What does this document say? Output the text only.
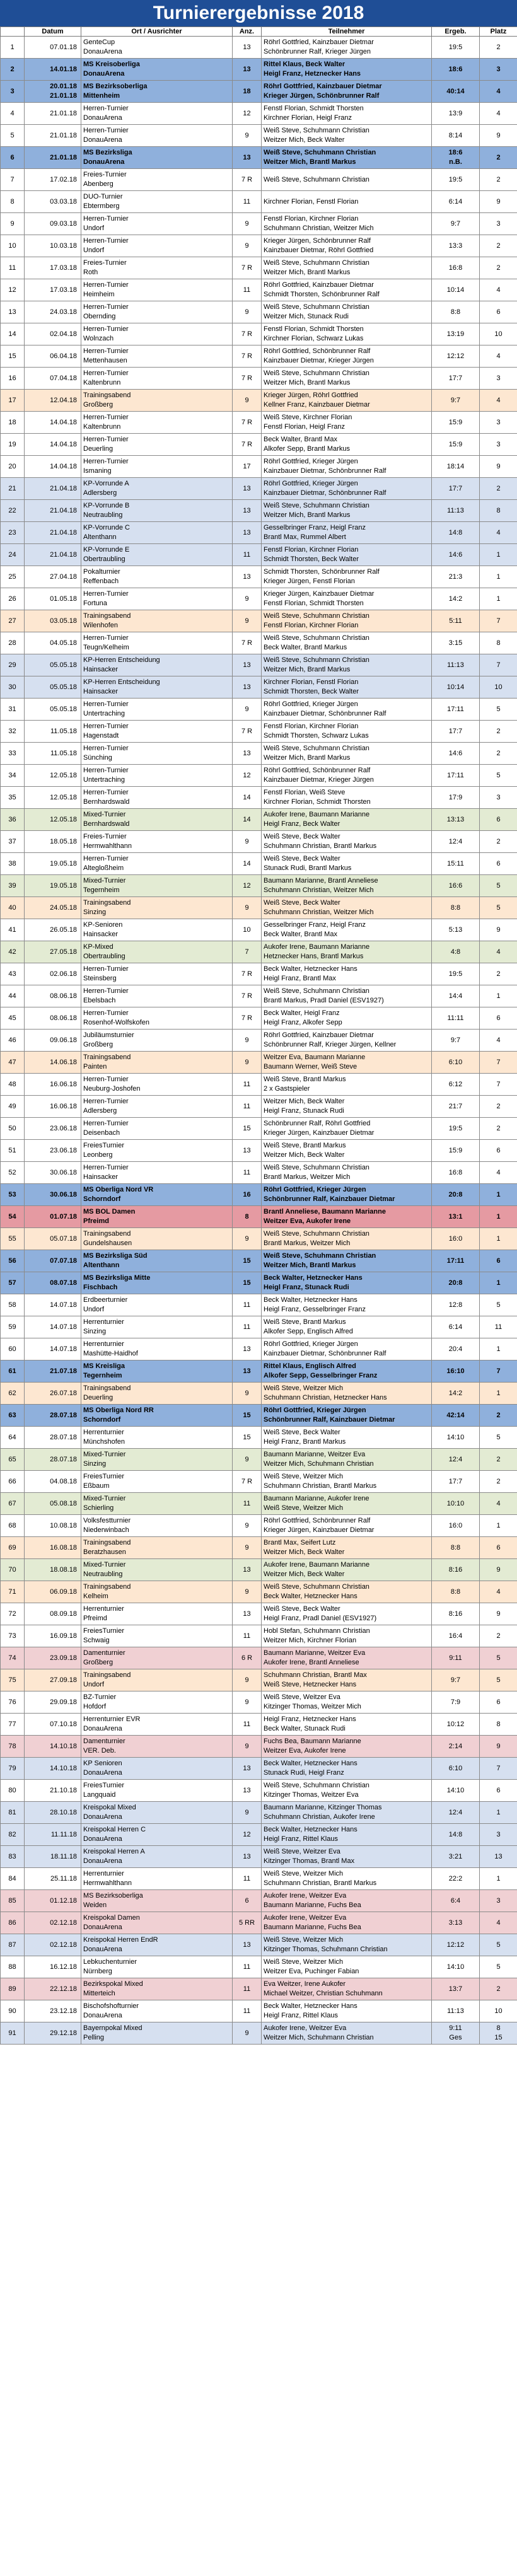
Turnierergebnisse 2018
	Datum	Ort / Ausrichter	Anz.	Teilnehmer	Ergeb.	Platz
1	07.01.18	GenteCup
DonauArena	13	Röhrl Gottfried, Kainzbauer Dietmar
Schönbrunner Ralf, Krieger Jürgen	19:5	2

2	14.01.18	MS Kreisoberliga
DonauArena	13	Rittel Klaus, Beck Walter
Heigl Franz, Hetznecker Hans	18:6	3

3	20.01.18
21.01.18	MS Bezirksoberliga
Mittenheim	18	Röhrl Gottfried, Kainzbauer Dietmar
Krieger Jürgen, Schönbrunner Ralf	40:14	4

4	21.01.18	Herren-Turnier
DonauArena	12	Fenstl Florian, Schmidt Thorsten
Kirchner Florian, Heigl Franz	13:9	4

5	21.01.18	Herren-Turnier
DonauArena	9	Weiß Steve, Schuhmann Christian
Weitzer Mich, Beck Walter	8:14	9

6	21.01.18	MS Bezirksliga
DonauArena	13	Weiß Steve, Schuhmann Christian
Weitzer Mich, Brantl Markus	18:6
n.B.	2

7	17.02.18	Freies-Turnier
Abenberg	7 R	Weiß Steve, Schuhmann Christian	19:5	2

8	03.03.18	DUO-Turnier
Ebtermberg	11	Kirchner Florian, Fenstl Florian	6:14	9

9	09.03.18	Herren-Turnier
Undorf	9	Fenstl Florian, Kirchner Florian
Schuhmann Christian, Weitzer Mich	9:7	3

10	10.03.18	Herren-Turnier
Undorf	9	Krieger Jürgen, Schönbrunner Ralf
Kainzbauer Dietmar, Röhrl Gottfried	13:3	2

11	17.03.18	Freies-Turnier
Roth	7 R	Weiß Steve, Schuhmann Christian
Weitzer Mich, Brantl Markus	16:8	2

12	17.03.18	Herren-Turnier
Heimheim	11	Röhrl Gottfried, Kainzbauer Dietmar
Schmidt Thorsten, Schönbrunner Ralf	10:14	4

13	24.03.18	Herren-Turnier
Obernding	9	Weiß Steve, Schuhmann Christian
Weitzer Mich, Stunack Rudi	8:8	6

14	02.04.18	Herren-Turnier
Wolnzach	7 R	Fenstl Florian, Schmidt Thorsten
Kirchner Florian, Schwarz Lukas	13:19	10

15	06.04.18	Herren-Turnier
Mettenhausen	7 R	Röhrl Gottfried, Schönbrunner Ralf
Kainzbauer Dietmar, Krieger Jürgen	12:12	4

16	07.04.18	Herren-Turnier
Kaltenbrunn	7 R	Weiß Steve, Schuhmann Christian
Weitzer Mich, Brantl Markus	17:7	3

17	12.04.18	Trainingsabend
Großberg	9	Krieger Jürgen, Röhrl Gottfried
Kellner Franz, Kainzbauer Dietmar	9:7	4

18	14.04.18	Herren-Turnier
Kaltenbrunn	7 R	Weiß Steve, Kirchner Florian
Fenstl Florian, Heigl Franz	15:9	3

19	14.04.18	Herren-Turnier
Deuerling	7 R	Beck Walter, Brantl Max
Alkofer Sepp, Brantl Markus	15:9	3

20	14.04.18	Herren-Turnier
Ismaning	17	Röhrl Gottfried, Krieger Jürgen
Kainzbauer Dietmar, Schönbrunner Ralf	18:14	9

21	21.04.18	KP-Vorrunde A
Adlersberg	13	Röhrl Gottfried, Krieger Jürgen
Kainzbauer Dietmar, Schönbrunner Ralf	17:7	2

22	21.04.18	KP-Vorrunde B
Neutraubling	13	Weiß Steve, Schuhmann Christian
Weitzer Mich, Brantl Markus	11:13	8

23	21.04.18	KP-Vorrunde C
Altenthann	13	Gesselbringer Franz, Heigl Franz
Brantl Max, Rummel Albert	14:8	4

24	21.04.18	KP-Vorrunde E
Obertraubling	11	Fenstl Florian, Kirchner Florian
Schmidt Thorsten, Beck Walter	14:6	1

25	27.04.18	Pokalturnier
Reffenbach	13	Schmidt Thorsten, Schönbrunner Ralf
Krieger Jürgen, Fenstl Florian	21:3	1

26	01.05.18	Herren-Turnier
Fortuna	9	Krieger Jürgen, Kainzbauer Dietmar
Fenstl Florian, Schmidt Thorsten	14:2	1

27	03.05.18	Trainingsabend
Wilenhofen	9	Weiß Steve, Schuhmann Christian
Fenstl Florian, Kirchner Florian	5:11	7

28	04.05.18	Herren-Turnier
Teugn/Kelheim	7 R	Weiß Steve, Schuhmann Christian
Beck Walter, Brantl Markus	3:15	8

29	05.05.18	KP-Herren Entscheidung
Hainsacker	13	Weiß Steve, Schuhmann Christian
Weitzer Mich, Brantl Markus	11:13	7

30	05.05.18	KP-Herren Entscheidung
Hainsacker	13	Kirchner Florian, Fenstl Florian
Schmidt Thorsten, Beck Walter	10:14	10

31	05.05.18	Herren-Turnier
Untertraching	9	Röhrl Gottfried, Krieger Jürgen
Kainzbauer Dietmar, Schönbrunner Ralf	17:11	5

32	11.05.18	Herren-Turnier
Hagenstadt	7 R	Fenstl Florian, Kirchner Florian
Schmidt Thorsten, Schwarz Lukas	17:7	2

33	11.05.18	Herren-Turnier
Sünching	13	Weiß Steve, Schuhmann Christian
Weitzer Mich, Brantl Markus	14:6	2

34	12.05.18	Herren-Turnier
Untertraching	12	Röhrl Gottfried, Schönbrunner Ralf
Kainzbauer Dietmar, Krieger Jürgen	17:11	5

35	12.05.18	Herren-Turnier
Bernhardswald	14	Fenstl Florian, Weiß Steve
Kirchner Florian, Schmidt Thorsten	17:9	3

36	12.05.18	Mixed-Turnier
Bernhardswald	14	Aukofer Irene, Baumann Marianne
Heigl Franz, Beck Walter	13:13	6

37	18.05.18	Freies-Turnier
Hermwahlthann	9	Weiß Steve, Beck Walter
Schuhmann Christian, Brantl Markus	12:4	2

38	19.05.18	Herren-Turnier
Altegloßheim	14	Weiß Steve, Beck Walter
Stunack Rudi, Brantl Markus	15:11	6

39	19.05.18	Mixed-Turnier
Tegernheim	12	Baumann Marianne, Brantl Anneliese
Schuhmann Christian, Weitzer Mich	16:6	5

40	24.05.18	Trainingsabend
Sinzing	9	Weiß Steve, Beck Walter
Schuhmann Christian, Weitzer Mich	8:8	5

41	26.05.18	KP-Senioren
Hainsacker	10	Gesselbringer Franz, Heigl Franz
Beck Walter, Brantl Max	5:13	9

42	27.05.18	KP-Mixed
Obertraubling	7	Aukofer Irene, Baumann Marianne
Hetznecker Hans, Brantl Markus	4:8	4

43	02.06.18	Herren-Turnier
Steinsberg	7 R	Beck Walter, Hetznecker Hans
Heigl Franz, Brantl Max	19:5	2

44	08.06.18	Herren-Turnier
Ebelsbach	7 R	Weiß Steve, Schuhmann Christian
Brantl Markus, Pradl Daniel (ESV1927)	14:4	1

45	08.06.18	Herren-Turnier
Rosenhof-Wolfskofen	7 R	Beck Walter, Heigl Franz
Heigl Franz, Alkofer Sepp	11:11	6

46	09.06.18	Jubiläumsturnier
Großberg	9	Röhrl Gottfried, Kainzbauer Dietmar
Schönbrunner Ralf, Krieger Jürgen, Kellner	9:7	4

47	14.06.18	Trainingsabend
Painten	9	Weitzer Eva, Baumann Marianne
Baumann Werner, Weiß Steve	6:10	7

48	16.06.18	Herren-Turnier
Neuburg-Joshofen	11	Weiß Steve, Brantl Markus
2 x Gastspieler	6:12	7

49	16.06.18	Herren-Turnier
Adlersberg	11	Weitzer Mich, Beck Walter
Heigl Franz, Stunack Rudi	21:7	2

50	23.06.18	Herren-Turnier
Deisenbach	15	Schönbrunner Ralf, Röhrl Gottfried
Krieger Jürgen, Kainzbauer Dietmar	19:5	2

51	23.06.18	FreiesTurnier
Leonberg	13	Weiß Steve, Brantl Markus
Weitzer Mich, Beck Walter	15:9	6

52	30.06.18	Herren-Turnier
Hainsacker	11	Weiß Steve, Schuhmann Christian
Brantl Markus, Weitzer Mich	16:8	4

53	30.06.18	MS Oberliga Nord VR
Schorndorf	16	Röhrl Gottfried, Krieger Jürgen
Schönbrunner Ralf, Kainzbauer Dietmar	20:8	1

54	01.07.18	MS BOL Damen
Pfreimd	8	Brantl Anneliese, Baumann Marianne
Weitzer Eva, Aukofer Irene	13:1	1

55	05.07.18	Trainingsabend
Gundelshausen	9	Weiß Steve, Schuhmann Christian
Brantl Markus, Weitzer Mich	16:0	1

56	07.07.18	MS Bezirksliga Süd
Altenthann	15	Weiß Steve, Schuhmann Christian
Weitzer Mich, Brantl Markus	17:11	6

57	08.07.18	MS Bezirksliga Mitte
Fischbach	15	Beck Walter, Hetznecker Hans
Heigl Franz, Stunack Rudi	20:8	1

58	14.07.18	Erdbeerturnier
Undorf	11	Beck Walter, Hetznecker Hans
Heigl Franz, Gesselbringer Franz	12:8	5

59	14.07.18	Herrenturnier
Sinzing	11	Weiß Steve, Brantl Markus
Alkofer Sepp, Englisch Alfred	6:14	11

60	14.07.18	Herrenturnier
Mashütte-Haidhof	13	Röhrl Gottfried, Krieger Jürgen
Kainzbauer Dietmar, Schönbrunner Ralf	20:4	1

61	21.07.18	MS Kreisliga
Tegernheim	13	Rittel Klaus, Englisch Alfred
Alkofer Sepp, Gesselbringer Franz	16:10	7

62	26.07.18	Trainingsabend
Deuerling	9	Weiß Steve, Weitzer Mich
Schuhmann Christian, Hetznecker Hans	14:2	1

63	28.07.18	MS Oberliga Nord RR
Schorndorf	15	Röhrl Gottfried, Krieger Jürgen
Schönbrunner Ralf, Kainzbauer Dietmar	42:14	2

64	28.07.18	Herrenturnier
Münchshofen	15	Weiß Steve, Beck Walter
Heigl Franz, Brantl Markus	14:10	5

65	28.07.18	Mixed-Turnier
Sinzing	9	Baumann Marianne, Weitzer Eva
Weitzer Mich, Schuhmann Christian	12:4	2

66	04.08.18	FreiesTurnier
Eßbaum	7 R	Weiß Steve, Weitzer Mich
Schuhmann Christian, Brantl Markus	17:7	2

67	05.08.18	Mixed-Turnier
Schierling	11	Baumann Marianne, Aukofer Irene
Weiß Steve, Weitzer Mich	10:10	4

68	10.08.18	Volksfestturnier
Niederwinbach	9	Röhrl Gottfried, Schönbrunner Ralf
Krieger Jürgen, Kainzbauer Dietmar	16:0	1

69	16.08.18	Trainingsabend
Beratzhausen	9	Brantl Max, Seifert Lutz
Weitzer Mich, Beck Walter	8:8	6

70	18.08.18	Mixed-Turnier
Neutraubling	13	Aukofer Irene, Baumann Marianne
Weitzer Mich, Beck Walter	8:16	9

71	06.09.18	Trainingsabend
Kelheim	9	Weiß Steve, Schuhmann Christian
Beck Walter, Hetznecker Hans	8:8	4

72	08.09.18	Herrenturnier
Pfreimd	13	Weiß Steve, Beck Walter
Heigl Franz, Pradl Daniel (ESV1927)	8:16	9

73	16.09.18	FreiesTurnier
Schwaig	11	Hobl Stefan, Schuhmann Christian
Weitzer Mich, Kirchner Florian	16:4	2

74	23.09.18	Damenturnier
Großberg	6 R	Baumann Marianne, Weitzer Eva
Aukofer Irene, Brantl Anneliese	9:11	5

75	27.09.18	Trainingsabend
Undorf	9	Schuhmann Christian, Brantl Max
Weiß Steve, Hetznecker Hans	9:7	5

76	29.09.18	BZ-Turnier
Hofdorf	9	Weiß Steve, Weitzer Eva
Kitzinger Thomas, Weitzer Mich	7:9	6

77	07.10.18	Herrenturnier EVR
DonauArena	11	Heigl Franz, Hetznecker Hans
Beck Walter, Stunack Rudi	10:12	8

78	14.10.18	Damenturnier
VER. Deb.	9	Fuchs Bea, Baumann Marianne
Weitzer Eva, Aukofer Irene	2:14	9

79	14.10.18	KP Senioren
DonauArena	13	Beck Walter, Hetznecker Hans
Stunack Rudi, Heigl Franz	6:10	7

80	21.10.18	FreiesTurnier
Langquaid	13	Weiß Steve, Schuhmann Christian
Kitzinger Thomas, Weitzer Eva	14:10	6

81	28.10.18	Kreispokal Mixed
DonauArena	9	Baumann Marianne, Kitzinger Thomas
Schuhmann Christian, Aukofer Irene	12:4	1

82	11.11.18	Kreispokal Herren C
DonauArena	12	Beck Walter, Hetznecker Hans
Heigl Franz, Rittel Klaus	14:8	3

83	18.11.18	Kreispokal Herren A
DonauArena	13	Weiß Steve, Weitzer Eva
Kitzinger Thomas, Brantl Max	3:21	13

84	25.11.18	Herrenturnier
Hermwahlthann	11	Weiß Steve, Weitzer Mich
Schuhmann Christian, Brantl Markus	22:2	1

85	01.12.18	MS Bezirksoberliga
Weiden	6	Aukofer Irene, Weitzer Eva
Baumann Marianne, Fuchs Bea	6:4	3

86	02.12.18	Kreispokal Damen
DonauArena	5 RR	Aukofer Irene, Weitzer Eva
Baumann Marianne, Fuchs Bea	3:13	4

87	02.12.18	Kreispokal Herren EndR
DonauArena	13	Weiß Steve, Weitzer Mich
Kitzinger Thomas, Schuhmann Christian	12:12	5

88	16.12.18	Lebkuchenturnier
Nürnberg	11	Weiß Steve, Weitzer Mich
Weitzer Eva, Puchinger Fabian	14:10	5

89	22.12.18	Bezirkspokal Mixed
Mitterteich	11	Eva Weitzer, Irene Aukofer
Michael Weitzer, Christian Schuhmann	13:7	2

90	23.12.18	Bischofshofturnier
DonauArena	11	Beck Walter, Hetznecker Hans
Heigl Franz, Rittel Klaus	11:13	10

91	29.12.18	Bayernpokal Mixed
Pelling	9	Aukofer Irene, Weitzer Eva
Weitzer Mich, Schuhmann Christian	9:11
Ges	8
15
